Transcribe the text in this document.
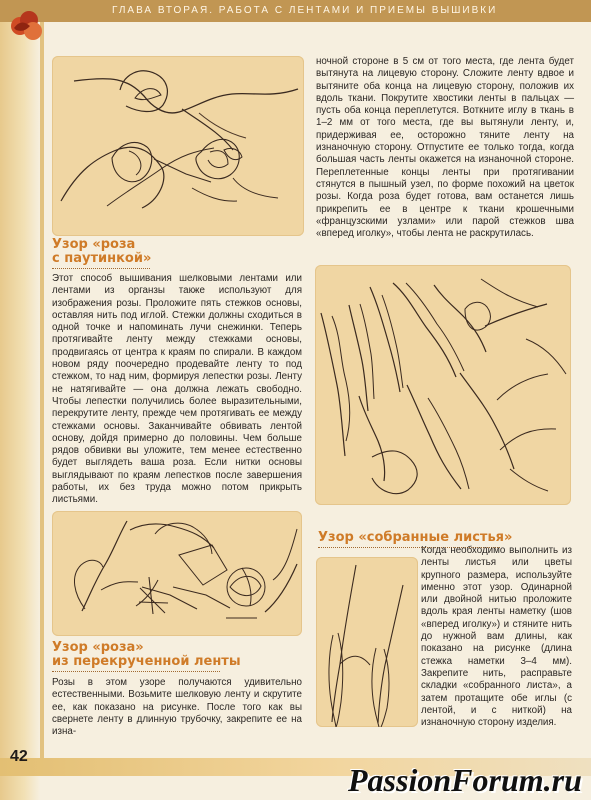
ГЛАВА ВТОРАЯ. РАБОТА С ЛЕНТАМИ И ПРИЕМЫ ВЫШИВКИ
Узор «роза
с паутинкой»
Этот способ вышивания шелковыми лентами или лентами из органзы также используют для изображения розы. Проложите пять стежков основы, оставляя нить под иглой. Стежки должны сходиться в одной точке и напоминать лучи снежинки. Теперь протягивайте ленту между стежками основы, продвигаясь от центра к краям по спирали. В каждом новом ряду поочередно продевайте ленту то под стежком, то над ним, формируя лепестки розы. Ленту не натягивайте — она должна лежать свободно. Чтобы лепестки получились более выразительными, перекрутите ленту, прежде чем протягивать ее между стежками основы. Заканчивайте обвивать лентой основу, дойдя примерно до половины. Чем больше рядов обвивки вы уложите, тем менее естественно будет выглядеть ваша роза. Если нитки основы выглядывают по краям лепестков после завершения работы, их без труда можно потом прикрыть листьями.
Узор «роза»
из перекрученной ленты
Розы в этом узоре получаются удивительно естественными. Возьмите шелковую ленту и скрутите ее, как показано на рисунке. После того как вы свернете ленту в длинную трубочку, закрепите ее на изна-
ночной стороне в 5 см от того места, где лента будет вытянута на лицевую сторону. Сложите ленту вдвое и вытяните оба конца на лицевую сторону, положив их вдоль ткани. Покрутите хвостики ленты в пальцах — пусть оба конца переплетутся. Воткните иглу в ткань в 1–2 мм от того места, где вы вытянули ленту, и, придерживая ее, осторожно тяните ленту на изнаночную сторону. Отпустите ее только тогда, когда большая часть ленты окажется на изнаночной стороне. Переплетенные концы ленты при протягивании стянутся в пышный узел, по форме похожий на цветок розы. Когда роза будет готова, вам останется лишь прикрепить ее в центре к ткани крошечными «французскими узлами» или парой стежков шва «вперед иголку», чтобы лента не раскрутилась.
Узор «собранные листья»
Когда необходимо выполнить из ленты листья или цветы крупного размера, используйте именно этот узор. Одинарной или двойной нитью проложите вдоль края ленты наметку (шов «вперед иголку») и стяните нить до нужной вам длины, как показано на рисунке (длина стежка наметки 3–4 мм). Закрепите нить, расправьте складки «собранного листа», а затем протащите обе иглы (с лентой, и с ниткой) на изнаночную сторону изделия.
42
PassionForum.ru
